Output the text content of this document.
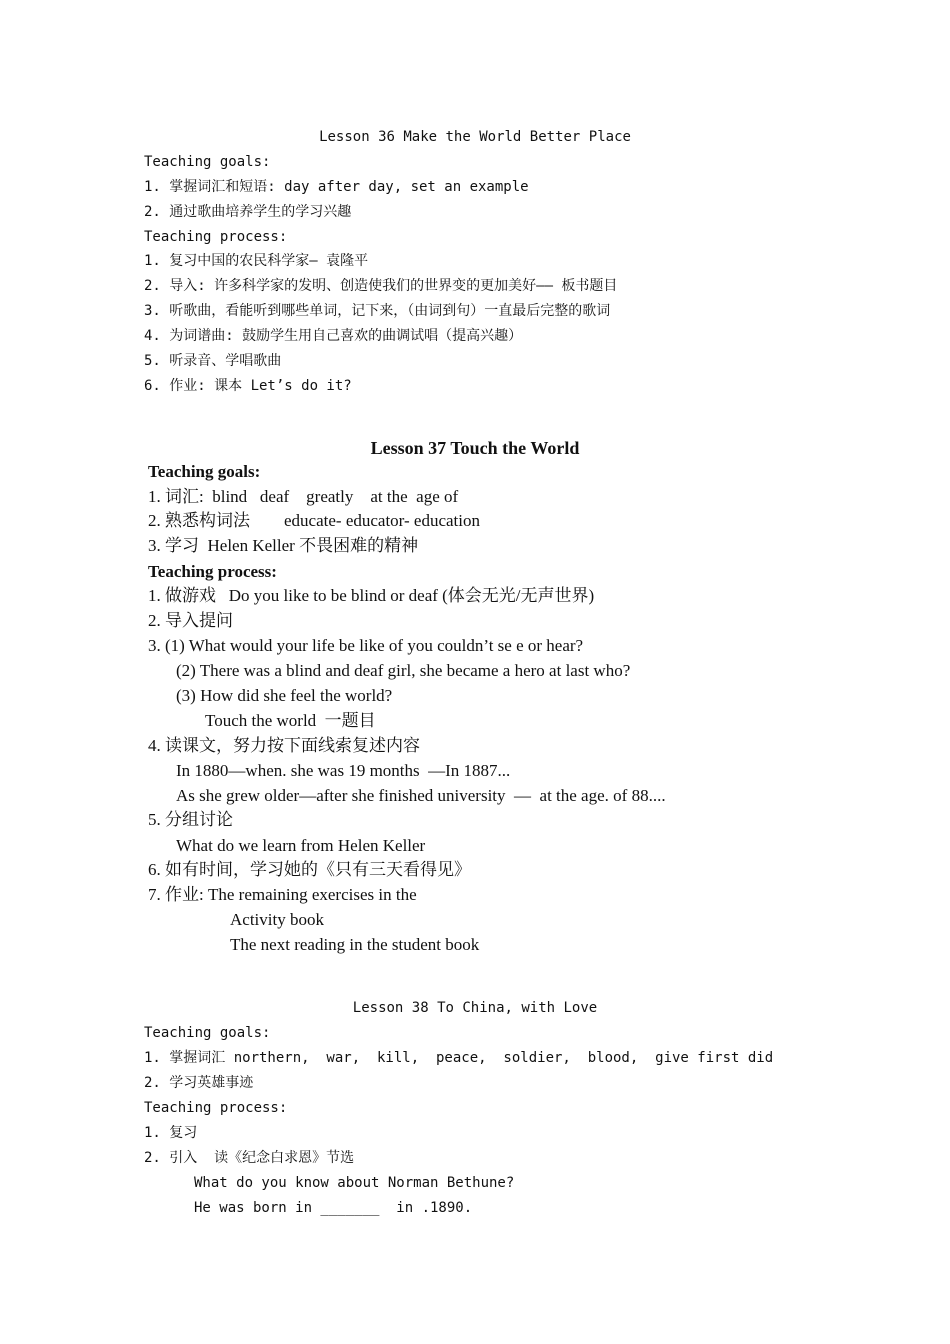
Lesson 36 Make the World Better Place
Teaching goals:
1. 掌握词汇和短语: day after day, set an example
2. 通过歌曲培养学生的学习兴趣
Teaching process:
1. 复习中国的农民科学家— 袁隆平
2. 导入: 许多科学家的发明、创造使我们的世界变的更加美好—— 板书题目
3. 听歌曲，看能听到哪些单词，记下来，（由词到句）一直最后完整的歌词
4. 为词谱曲: 鼓励学生用自己喜欢的曲调试唱（提高兴趣）
5. 听录音、学唱歌曲
6. 作业: 课本 Let’s do it?
Lesson 37 Touch the World
Teaching goals:
1. 词汇:  blind   deaf    greatly    at the  age of
2. 熟悉构词法        educate- educator- education
3. 学习  Helen Keller 不畏困难的精神
Teaching process:
1. 做游戏   Do you like to be blind or deaf (体会无光/无声世界)
2. 导入提问
3. (1) What would your life be like of you couldn’t se e or hear?
(2) There was a blind and deaf girl, she became a hero at last who?
(3) How did she feel the world?
Touch the world  一题目
4. 读课文，努力按下面线索复述内容
In 1880—when. she was 19 months  —In 1887...
As she grew older—after she finished university  —  at the age. of 88....
5. 分组讨论
What do we learn from Helen Keller
6. 如有时间，学习她的《只有三天看得见》
7. 作业: The remaining exercises in the
Activity book
The next reading in the student book
Lesson 38 To China, with Love
Teaching goals:
1. 掌握词汇 northern,  war,  kill,  peace,  soldier,  blood,  give first did
2. 学习英雄事迹
Teaching process:
1. 复习
2. 引入  读《纪念白求恩》节选
What do you know about Norman Bethune?
He was born in _______  in .1890.
